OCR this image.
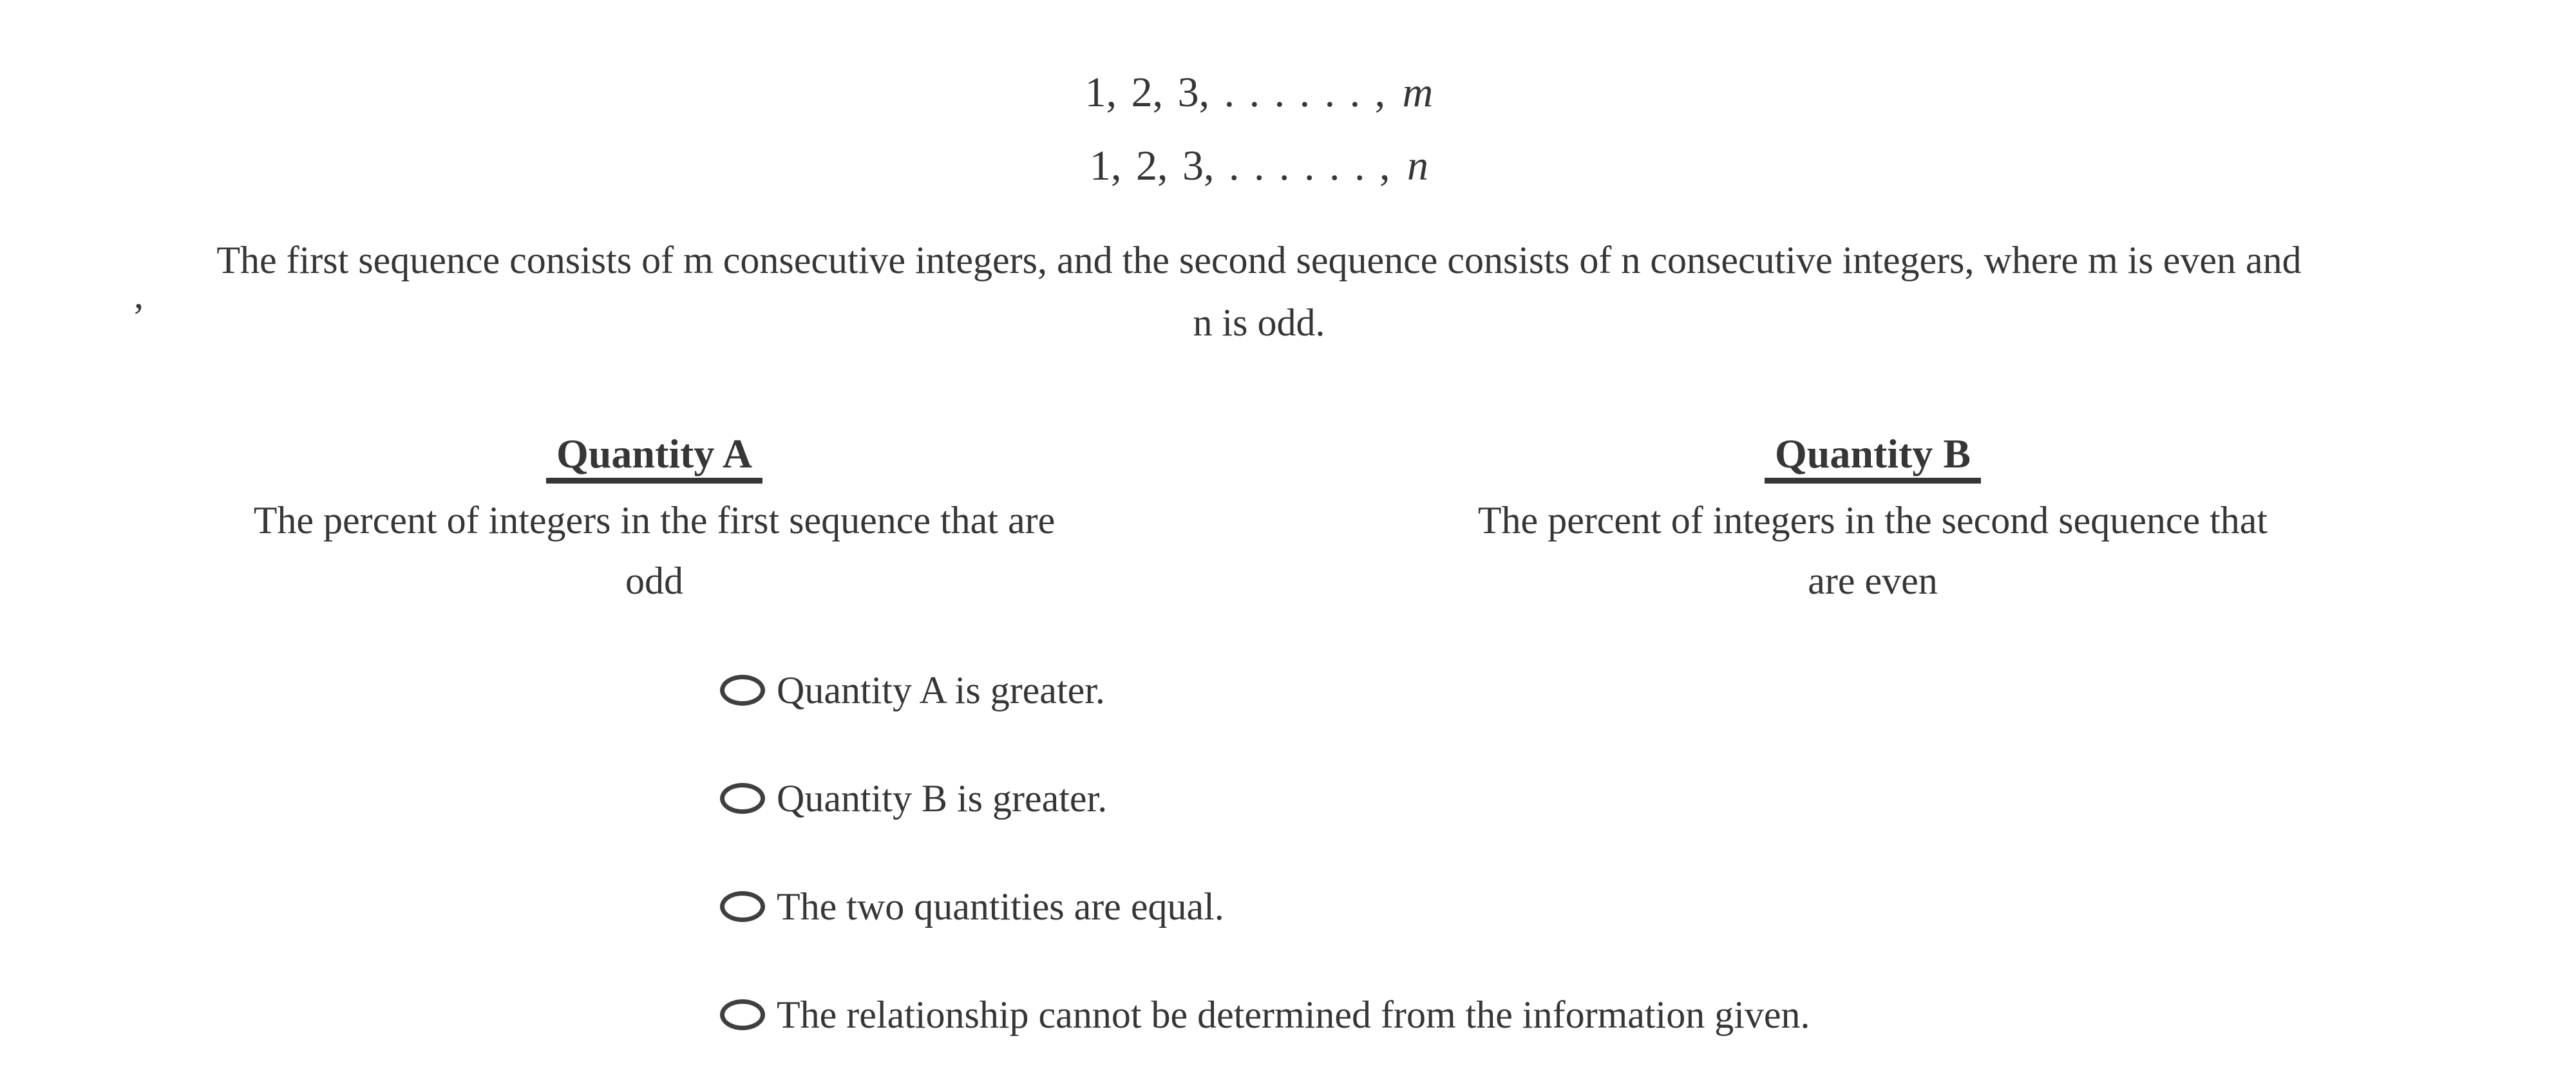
1, 2, 3, . . . . . . , m
1, 2, 3, . . . . . . , n
The first sequence consists of m consecutive integers, and the second sequence consists of n consecutive integers, where m is even and
n is odd.
’
Quantity A
The percent of integers in the first sequence that are
odd
Quantity B
The percent of integers in the second sequence that
are even
Quantity A is greater.
Quantity B is greater.
The two quantities are equal.
The relationship cannot be determined from the information given.
